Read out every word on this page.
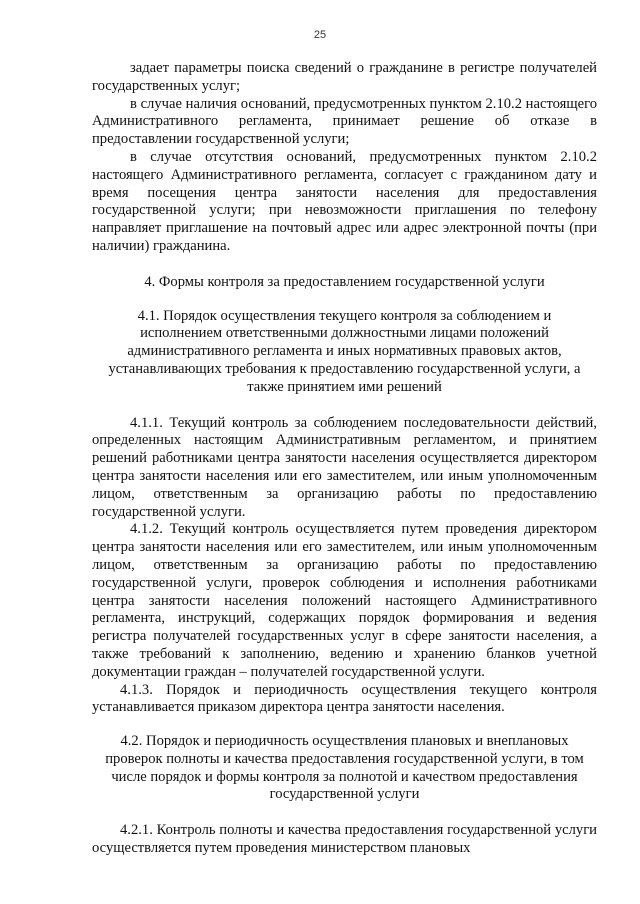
25

задает параметры поиска сведений о гражданине в регистре получателей государственных услуг;

в случае наличия оснований, предусмотренных пунктом 2.10.2 настоящего Административного регламента, принимает решение об отказе в предоставлении государственной услуги;

в случае отсутствия оснований, предусмотренных пунктом 2.10.2 настоящего Административного регламента, согласует с гражданином дату и время посещения центра занятости населения для предоставления государственной услуги; при невозможности приглашения по телефону направляет приглашение на почтовый адрес или адрес электронной почты (при наличии) гражданина.

4. Формы контроля за предоставлением государственной услуги

4.1. Порядок осуществления текущего контроля за соблюдением и исполнением ответственными должностными лицами положений административного регламента и иных нормативных правовых актов, устанавливающих требования к предоставлению государственной услуги, а также принятием ими решений

4.1.1. Текущий контроль за соблюдением последовательности действий, определенных настоящим Административным регламентом, и принятием решений работниками центра занятости населения осуществляется директором центра занятости населения или его заместителем, или иным уполномоченным лицом, ответственным за организацию работы по предоставлению государственной услуги.

4.1.2. Текущий контроль осуществляется путем проведения директором центра занятости населения или его заместителем, или иным уполномоченным лицом, ответственным за организацию работы по предоставлению государственной услуги, проверок соблюдения и исполнения работниками центра занятости населения положений настоящего Административного регламента, инструкций, содержащих порядок формирования и ведения регистра получателей государственных услуг в сфере занятости населения, а также требований к заполнению, ведению и хранению бланков учетной документации граждан – получателей государственной услуги.

4.1.3. Порядок и периодичность осуществления текущего контроля устанавливается приказом директора центра занятости населения.

4.2. Порядок и периодичность осуществления плановых и внеплановых проверок полноты и качества предоставления государственной услуги, в том числе порядок и формы контроля за полнотой и качеством предоставления государственной услуги

4.2.1. Контроль полноты и качества предоставления государственной услуги осуществляется путем проведения министерством плановых
